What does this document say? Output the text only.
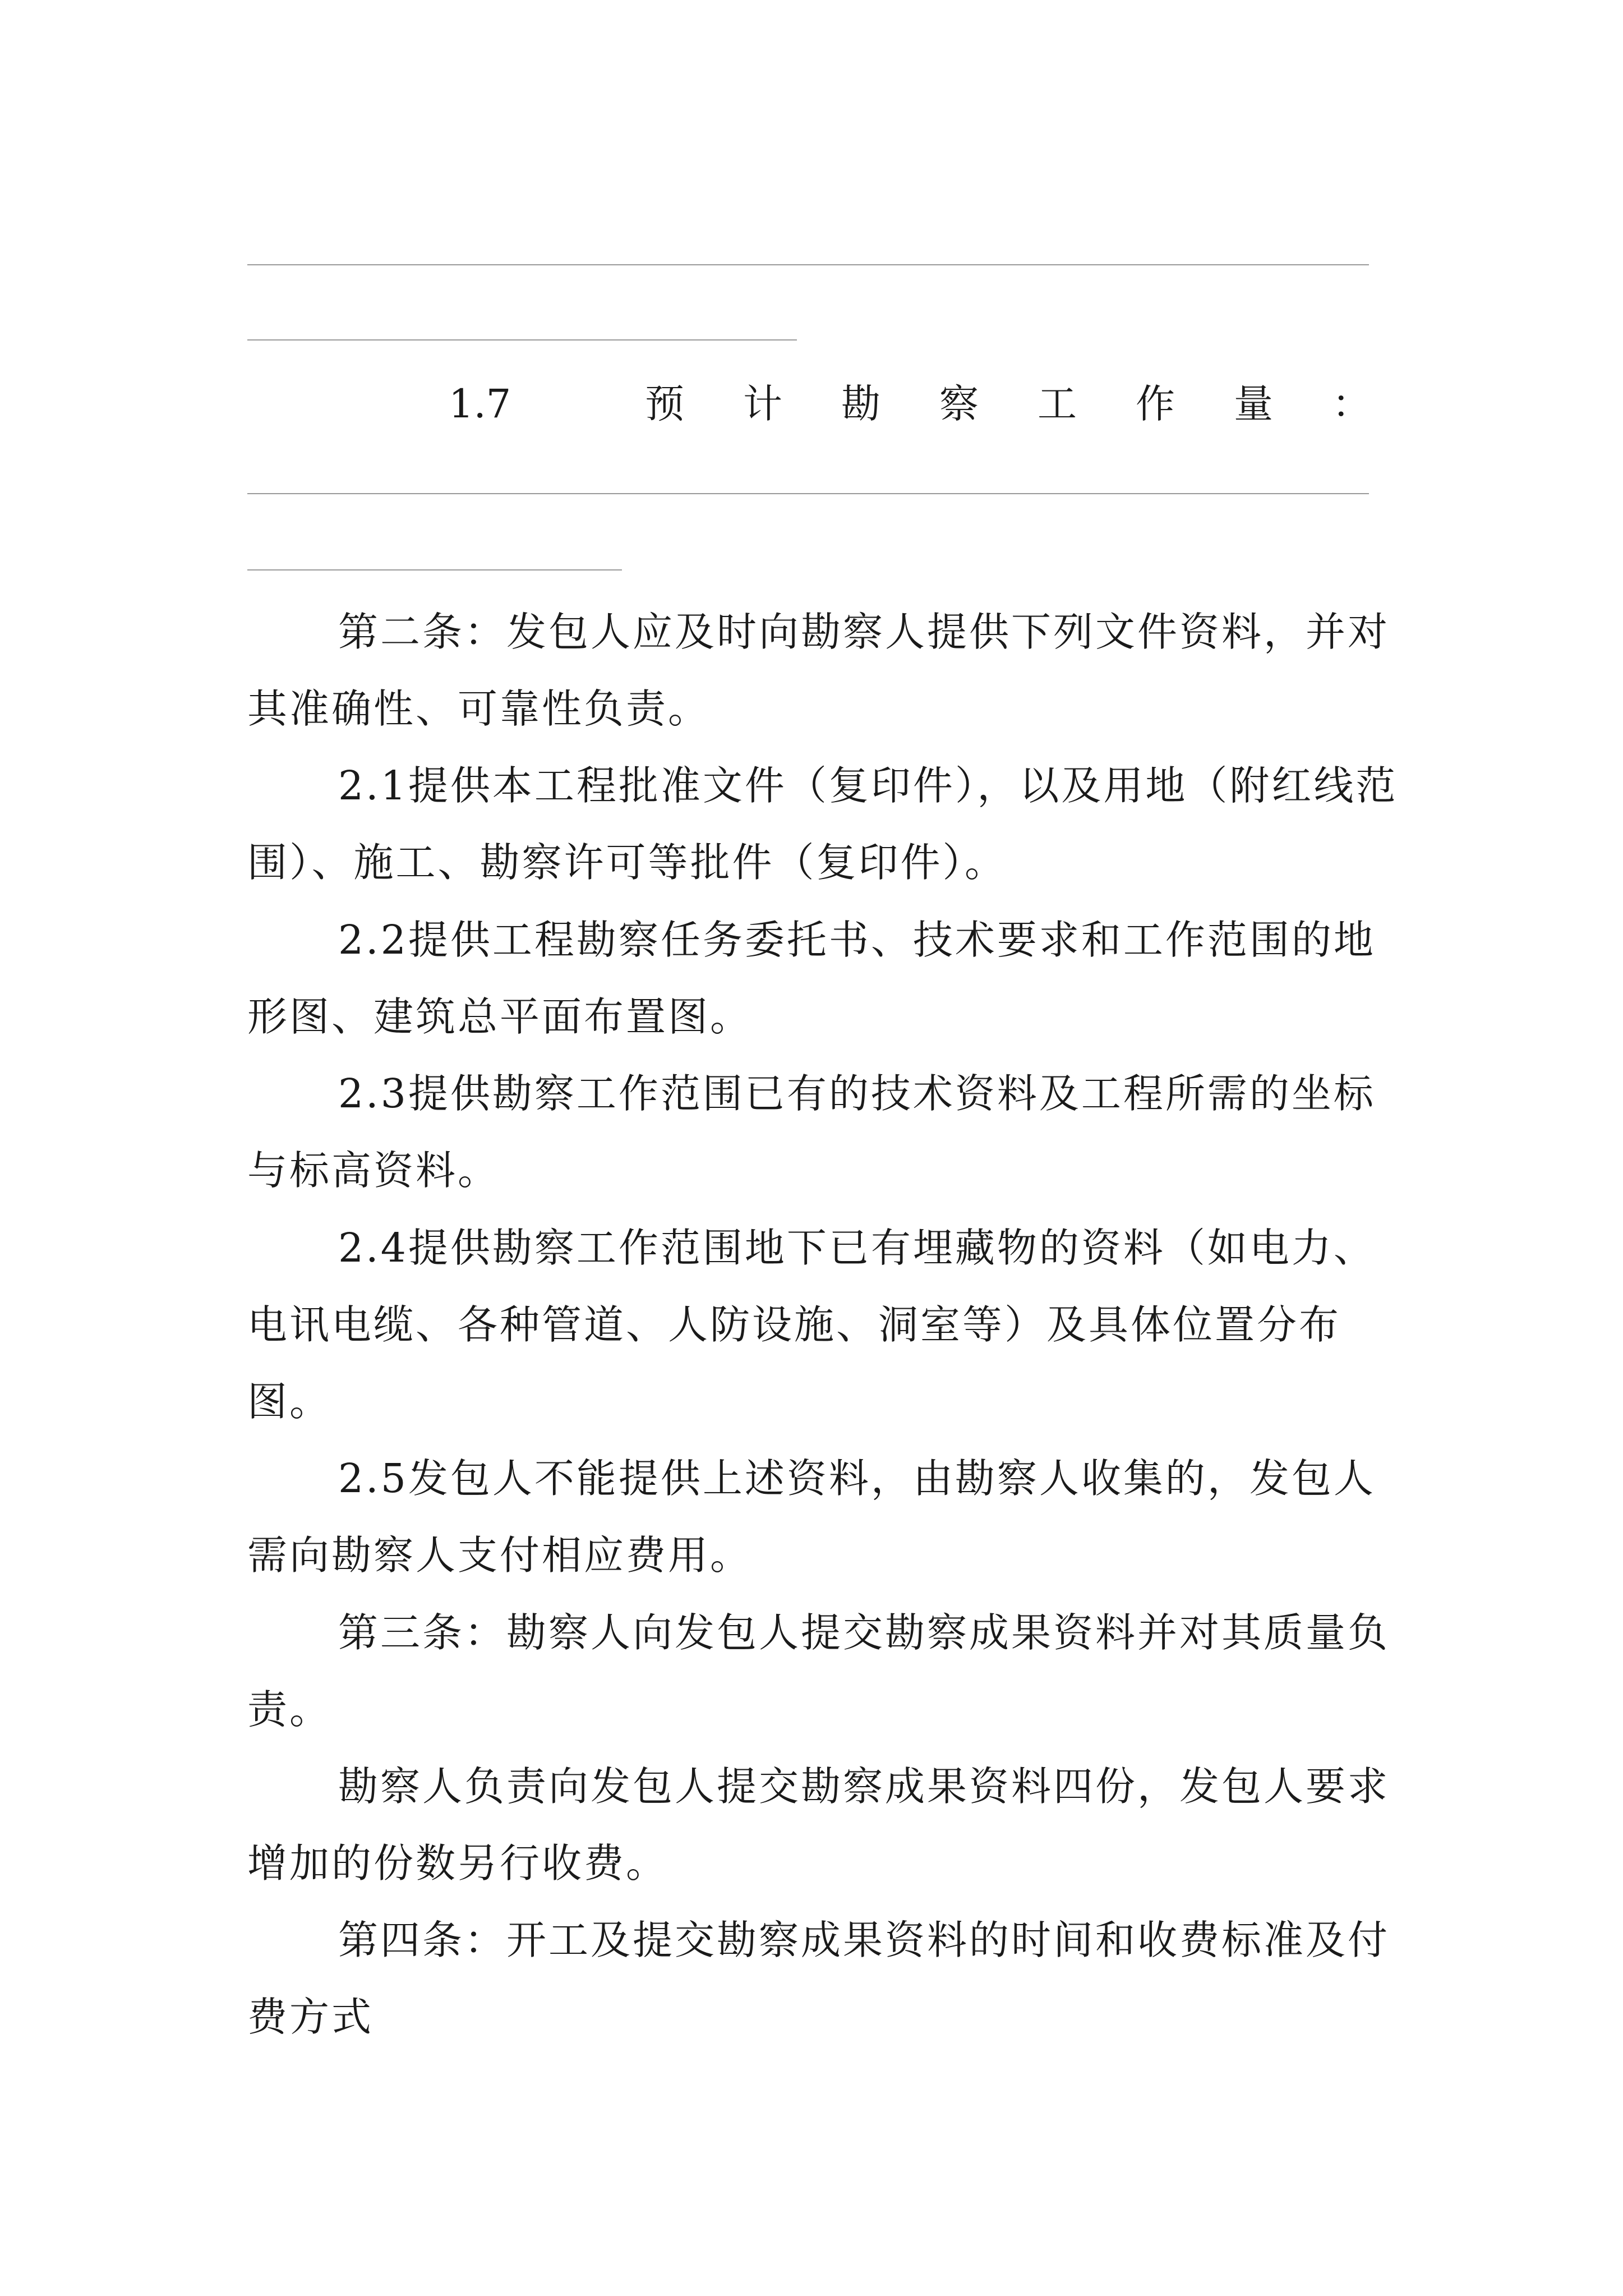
1.7	预计勘察工作量：

第二条：发包人应及时向勘察人提供下列文件资料，并对其准确性、可靠性负责。

2.1提供本工程批准文件（复印件），以及用地（附红线范围）、施工、勘察许可等批件（复印件）。

2.2提供工程勘察任务委托书、技术要求和工作范围的地形图、建筑总平面布置图。

2.3提供勘察工作范围已有的技术资料及工程所需的坐标与标高资料。

2.4提供勘察工作范围地下已有埋藏物的资料（如电力、电讯电缆、各种管道、人防设施、洞室等）及具体位置分布图。

2.5发包人不能提供上述资料，由勘察人收集的，发包人需向勘察人支付相应费用。

第三条：勘察人向发包人提交勘察成果资料并对其质量负责。

勘察人负责向发包人提交勘察成果资料四份，发包人要求增加的份数另行收费。

第四条：开工及提交勘察成果资料的时间和收费标准及付费方式
